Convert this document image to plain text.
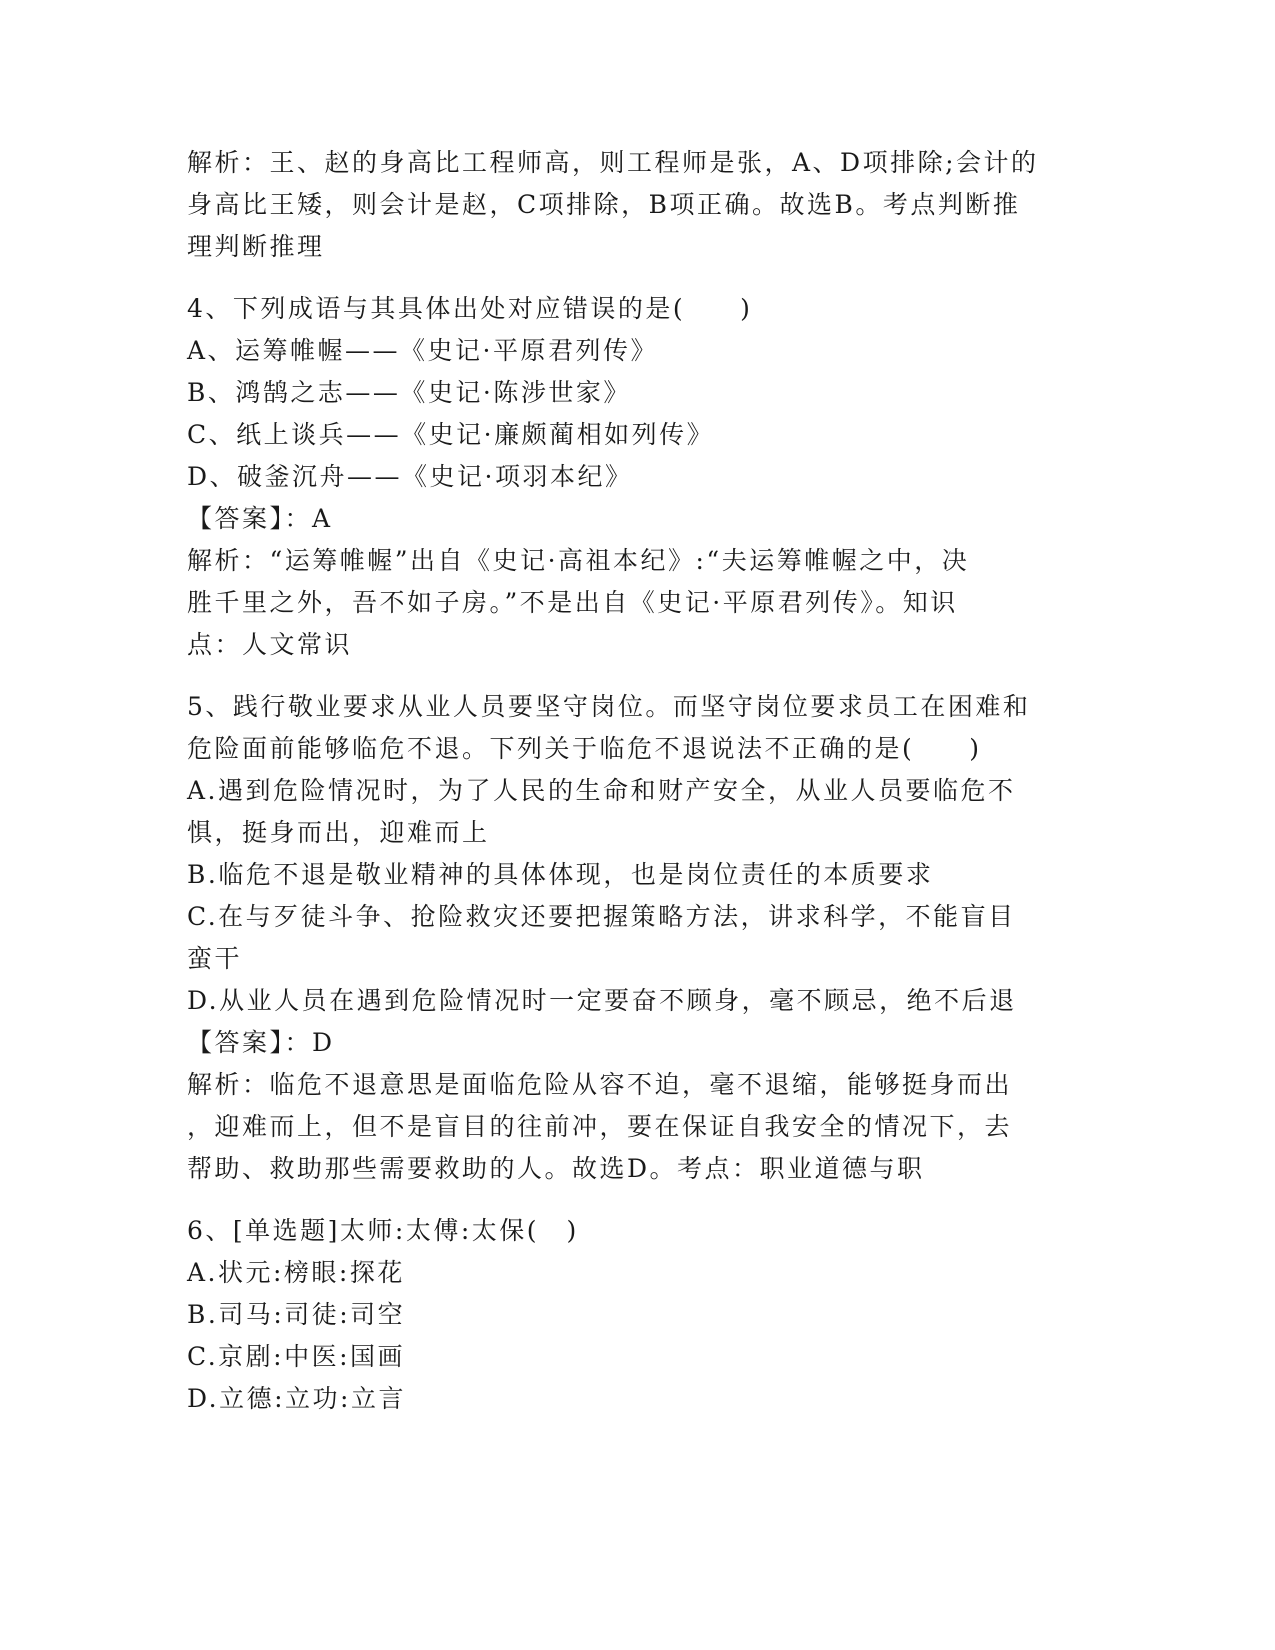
解析：王、赵的身高比工程师高，则工程师是张，A、D项排除;会计的
身高比王矮，则会计是赵，C项排除，B项正确。故选B。考点判断推
理判断推理
4、下列成语与其具体出处对应错误的是(　　)
A、运筹帷幄——《史记·平原君列传》
B、鸿鹄之志——《史记·陈涉世家》
C、纸上谈兵——《史记·廉颇蔺相如列传》
D、破釜沉舟——《史记·项羽本纪》
【答案】：A
解析：“运筹帷幄”出自《史记·高祖本纪》:“夫运筹帷幄之中，决
胜千里之外，吾不如子房。”不是出自《史记·平原君列传》。知识
点：人文常识
5、践行敬业要求从业人员要坚守岗位。而坚守岗位要求员工在困难和
危险面前能够临危不退。下列关于临危不退说法不正确的是(　　)
A.遇到危险情况时，为了人民的生命和财产安全，从业人员要临危不
惧，挺身而出，迎难而上
B.临危不退是敬业精神的具体体现，也是岗位责任的本质要求
C.在与歹徒斗争、抢险救灾还要把握策略方法，讲求科学，不能盲目
蛮干
D.从业人员在遇到危险情况时一定要奋不顾身，毫不顾忌，绝不后退
【答案】：D
解析：临危不退意思是面临危险从容不迫，毫不退缩，能够挺身而出
，迎难而上，但不是盲目的往前冲，要在保证自我安全的情况下，去
帮助、救助那些需要救助的人。故选D。考点：职业道德与职
6、[单选题]太师:太傅:太保(　)
A.状元:榜眼:探花
B.司马:司徒:司空
C.京剧:中医:国画
D.立德:立功:立言
